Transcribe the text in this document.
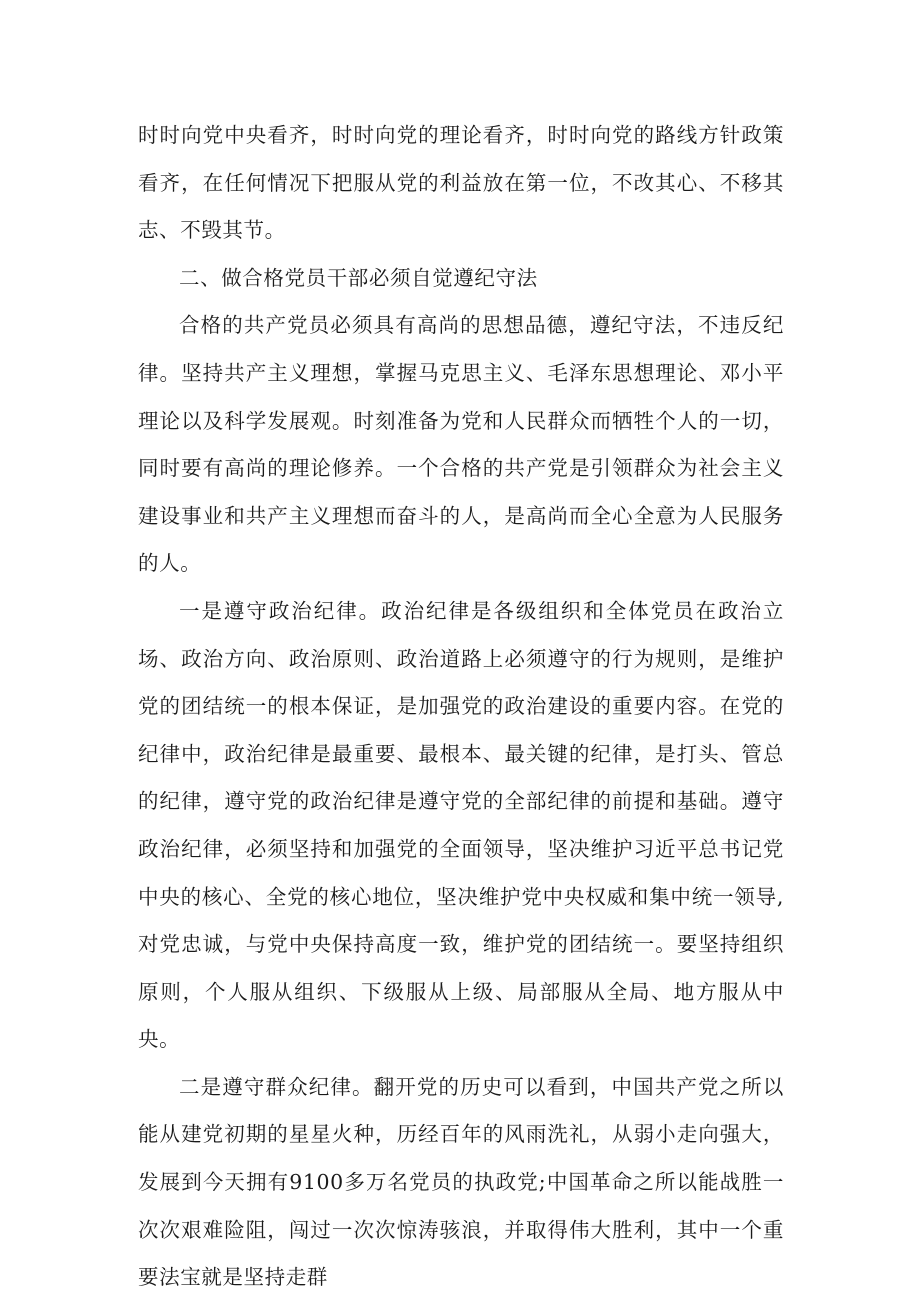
时时向党中央看齐，时时向党的理论看齐，时时向党的路线方针政策看齐，在任何情况下把服从党的利益放在第一位，不改其心、不移其志、不毁其节。

二、做合格党员干部必须自觉遵纪守法

合格的共产党员必须具有高尚的思想品德，遵纪守法，不违反纪律。坚持共产主义理想，掌握马克思主义、毛泽东思想理论、邓小平理论以及科学发展观。时刻准备为党和人民群众而牺牲个人的一切，同时要有高尚的理论修养。一个合格的共产党是引领群众为社会主义建设事业和共产主义理想而奋斗的人，是高尚而全心全意为人民服务的人。

一是遵守政治纪律。政治纪律是各级组织和全体党员在政治立场、政治方向、政治原则、政治道路上必须遵守的行为规则，是维护党的团结统一的根本保证，是加强党的政治建设的重要内容。在党的纪律中，政治纪律是最重要、最根本、最关键的纪律，是打头、管总的纪律，遵守党的政治纪律是遵守党的全部纪律的前提和基础。遵守政治纪律，必须坚持和加强党的全面领导，坚决维护习近平总书记党中央的核心、全党的核心地位，坚决维护党中央权威和集中统一领导,对党忠诚，与党中央保持高度一致，维护党的团结统一。要坚持组织原则，个人服从组织、下级服从上级、局部服从全局、地方服从中央。

二是遵守群众纪律。翻开党的历史可以看到，中国共产党之所以能从建党初期的星星火种，历经百年的风雨洗礼，从弱小走向强大，发展到今天拥有9100多万名党员的执政党;中国革命之所以能战胜一次次艰难险阻，闯过一次次惊涛骇浪，并取得伟大胜利，其中一个重要法宝就是坚持走群
